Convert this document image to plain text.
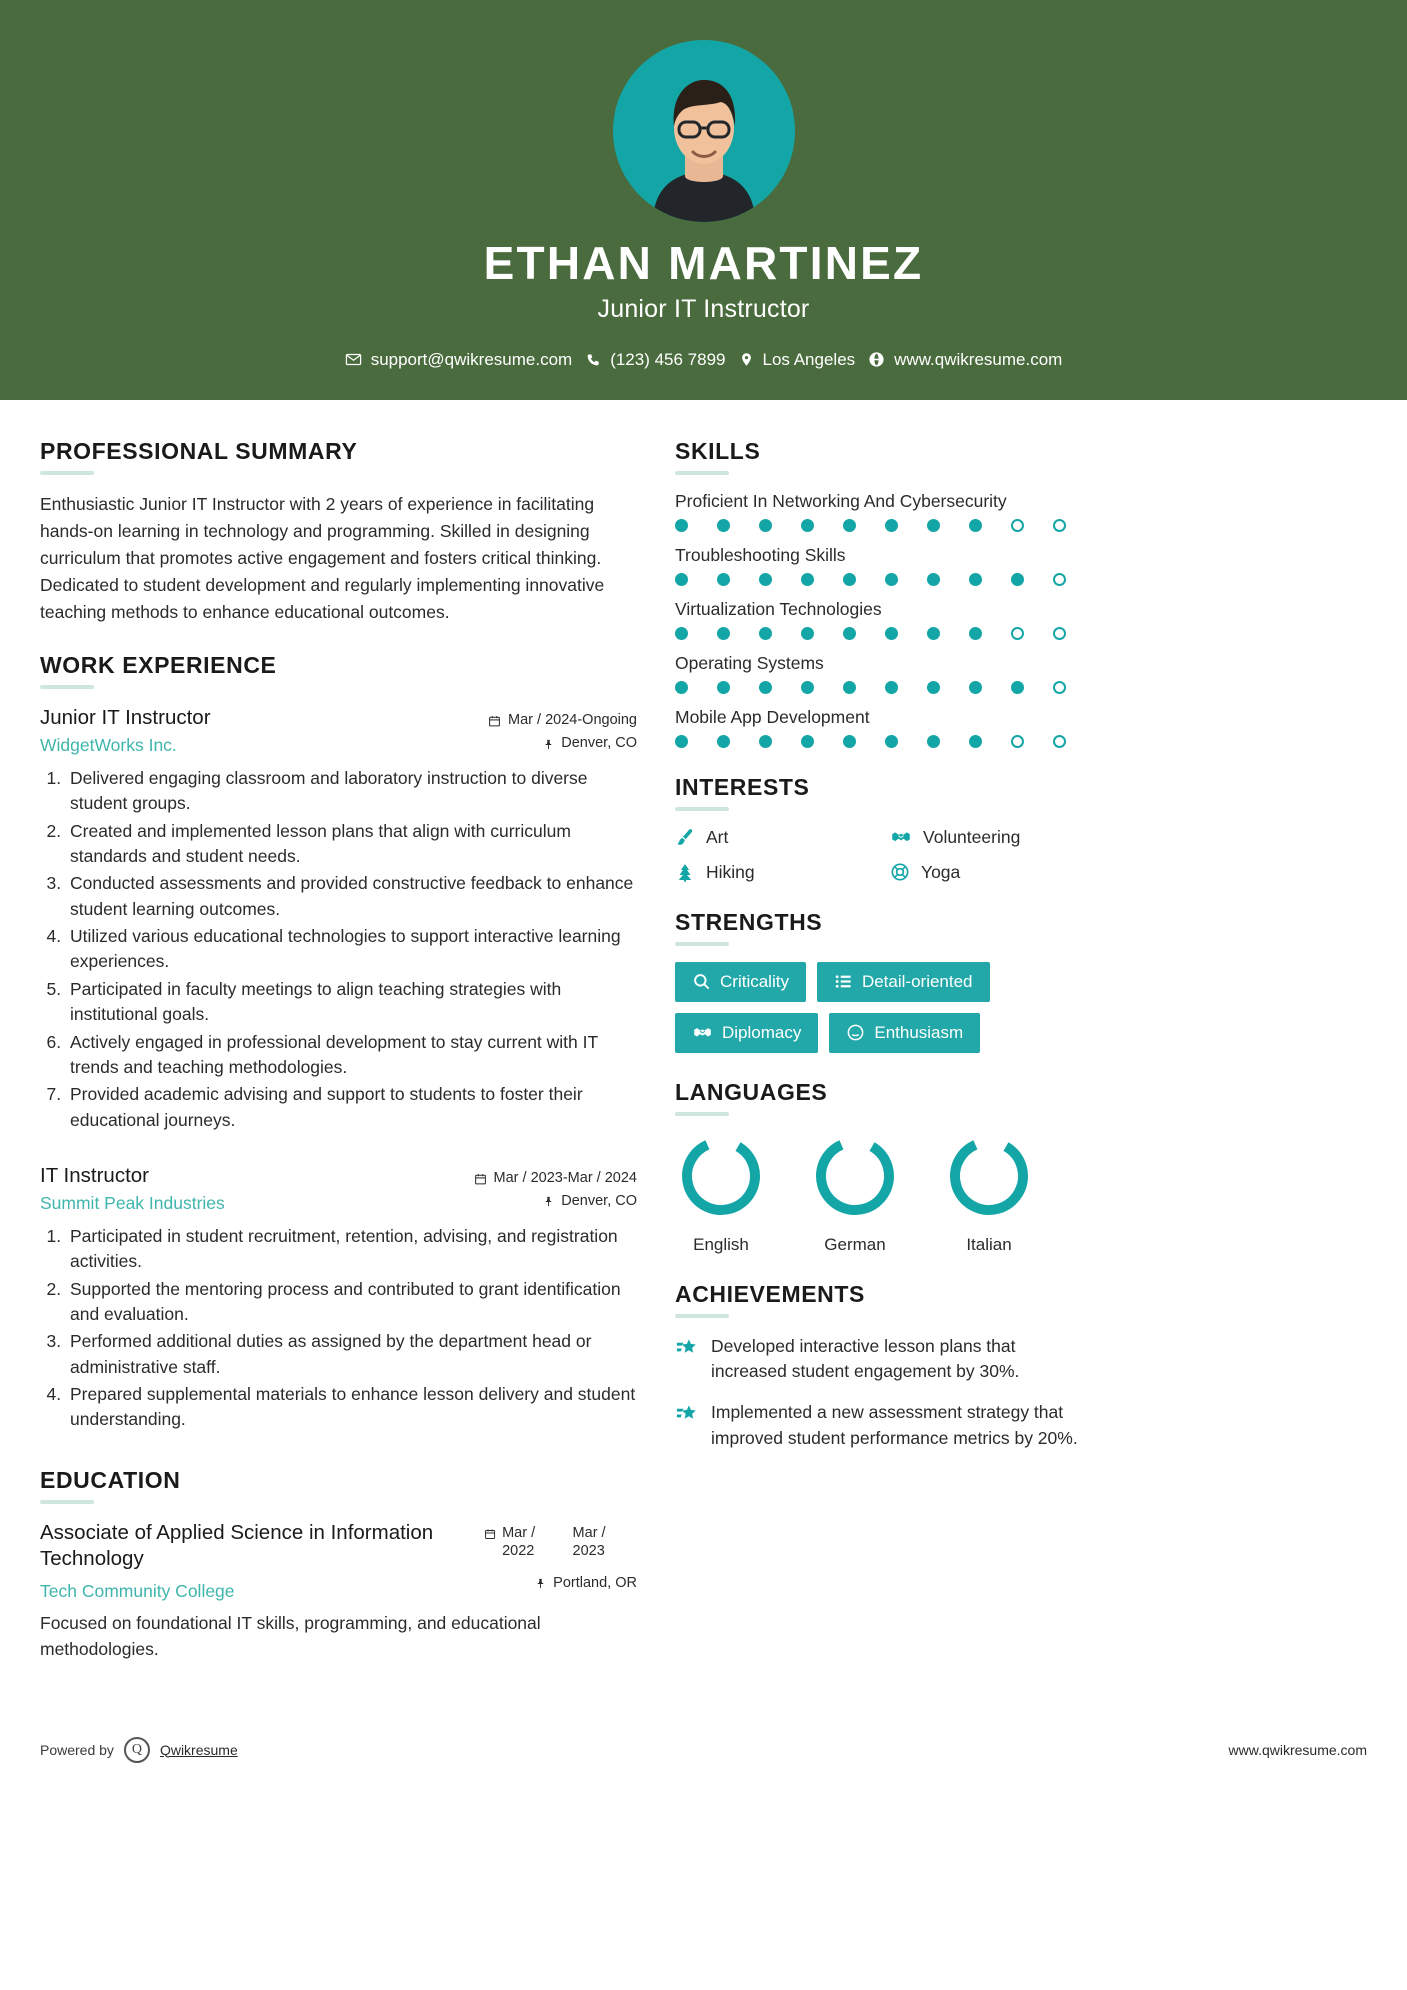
ETHAN MARTINEZ
Junior IT Instructor
support@qwikresume.com (123) 456 7899 Los Angeles www.qwikresume.com
PROFESSIONAL SUMMARY
Enthusiastic Junior IT Instructor with 2 years of experience in facilitating hands-on learning in technology and programming. Skilled in designing curriculum that promotes active engagement and fosters critical thinking. Dedicated to student development and regularly implementing innovative teaching methods to enhance educational outcomes.
WORK EXPERIENCE
Junior IT Instructor
WidgetWorks Inc.
Mar / 2024-Ongoing
Denver, CO
1. Delivered engaging classroom and laboratory instruction to diverse student groups.
2. Created and implemented lesson plans that align with curriculum standards and student needs.
3. Conducted assessments and provided constructive feedback to enhance student learning outcomes.
4. Utilized various educational technologies to support interactive learning experiences.
5. Participated in faculty meetings to align teaching strategies with institutional goals.
6. Actively engaged in professional development to stay current with IT trends and teaching methodologies.
7. Provided academic advising and support to students to foster their educational journeys.
IT Instructor
Summit Peak Industries
Mar / 2023-Mar / 2024
Denver, CO
1. Participated in student recruitment, retention, advising, and registration activities.
2. Supported the mentoring process and contributed to grant identification and evaluation.
3. Performed additional duties as assigned by the department head or administrative staff.
4. Prepared supplemental materials to enhance lesson delivery and student understanding.
EDUCATION
Associate of Applied Science in Information Technology
Tech Community College
Mar / 2022
Mar / 2023
Portland, OR
Focused on foundational IT skills, programming, and educational methodologies.
SKILLS
Proficient In Networking And Cybersecurity
Troubleshooting Skills
Virtualization Technologies
Operating Systems
Mobile App Development
INTERESTS
Art	Volunteering
Hiking	Yoga
STRENGTHS
Criticality	Detail-oriented
Diplomacy	Enthusiasm
LANGUAGES
English	German	Italian
ACHIEVEMENTS
Developed interactive lesson plans that increased student engagement by 30%.
Implemented a new assessment strategy that improved student performance metrics by 20%.
Powered by	Q	Qwikresume	www.qwikresume.com
